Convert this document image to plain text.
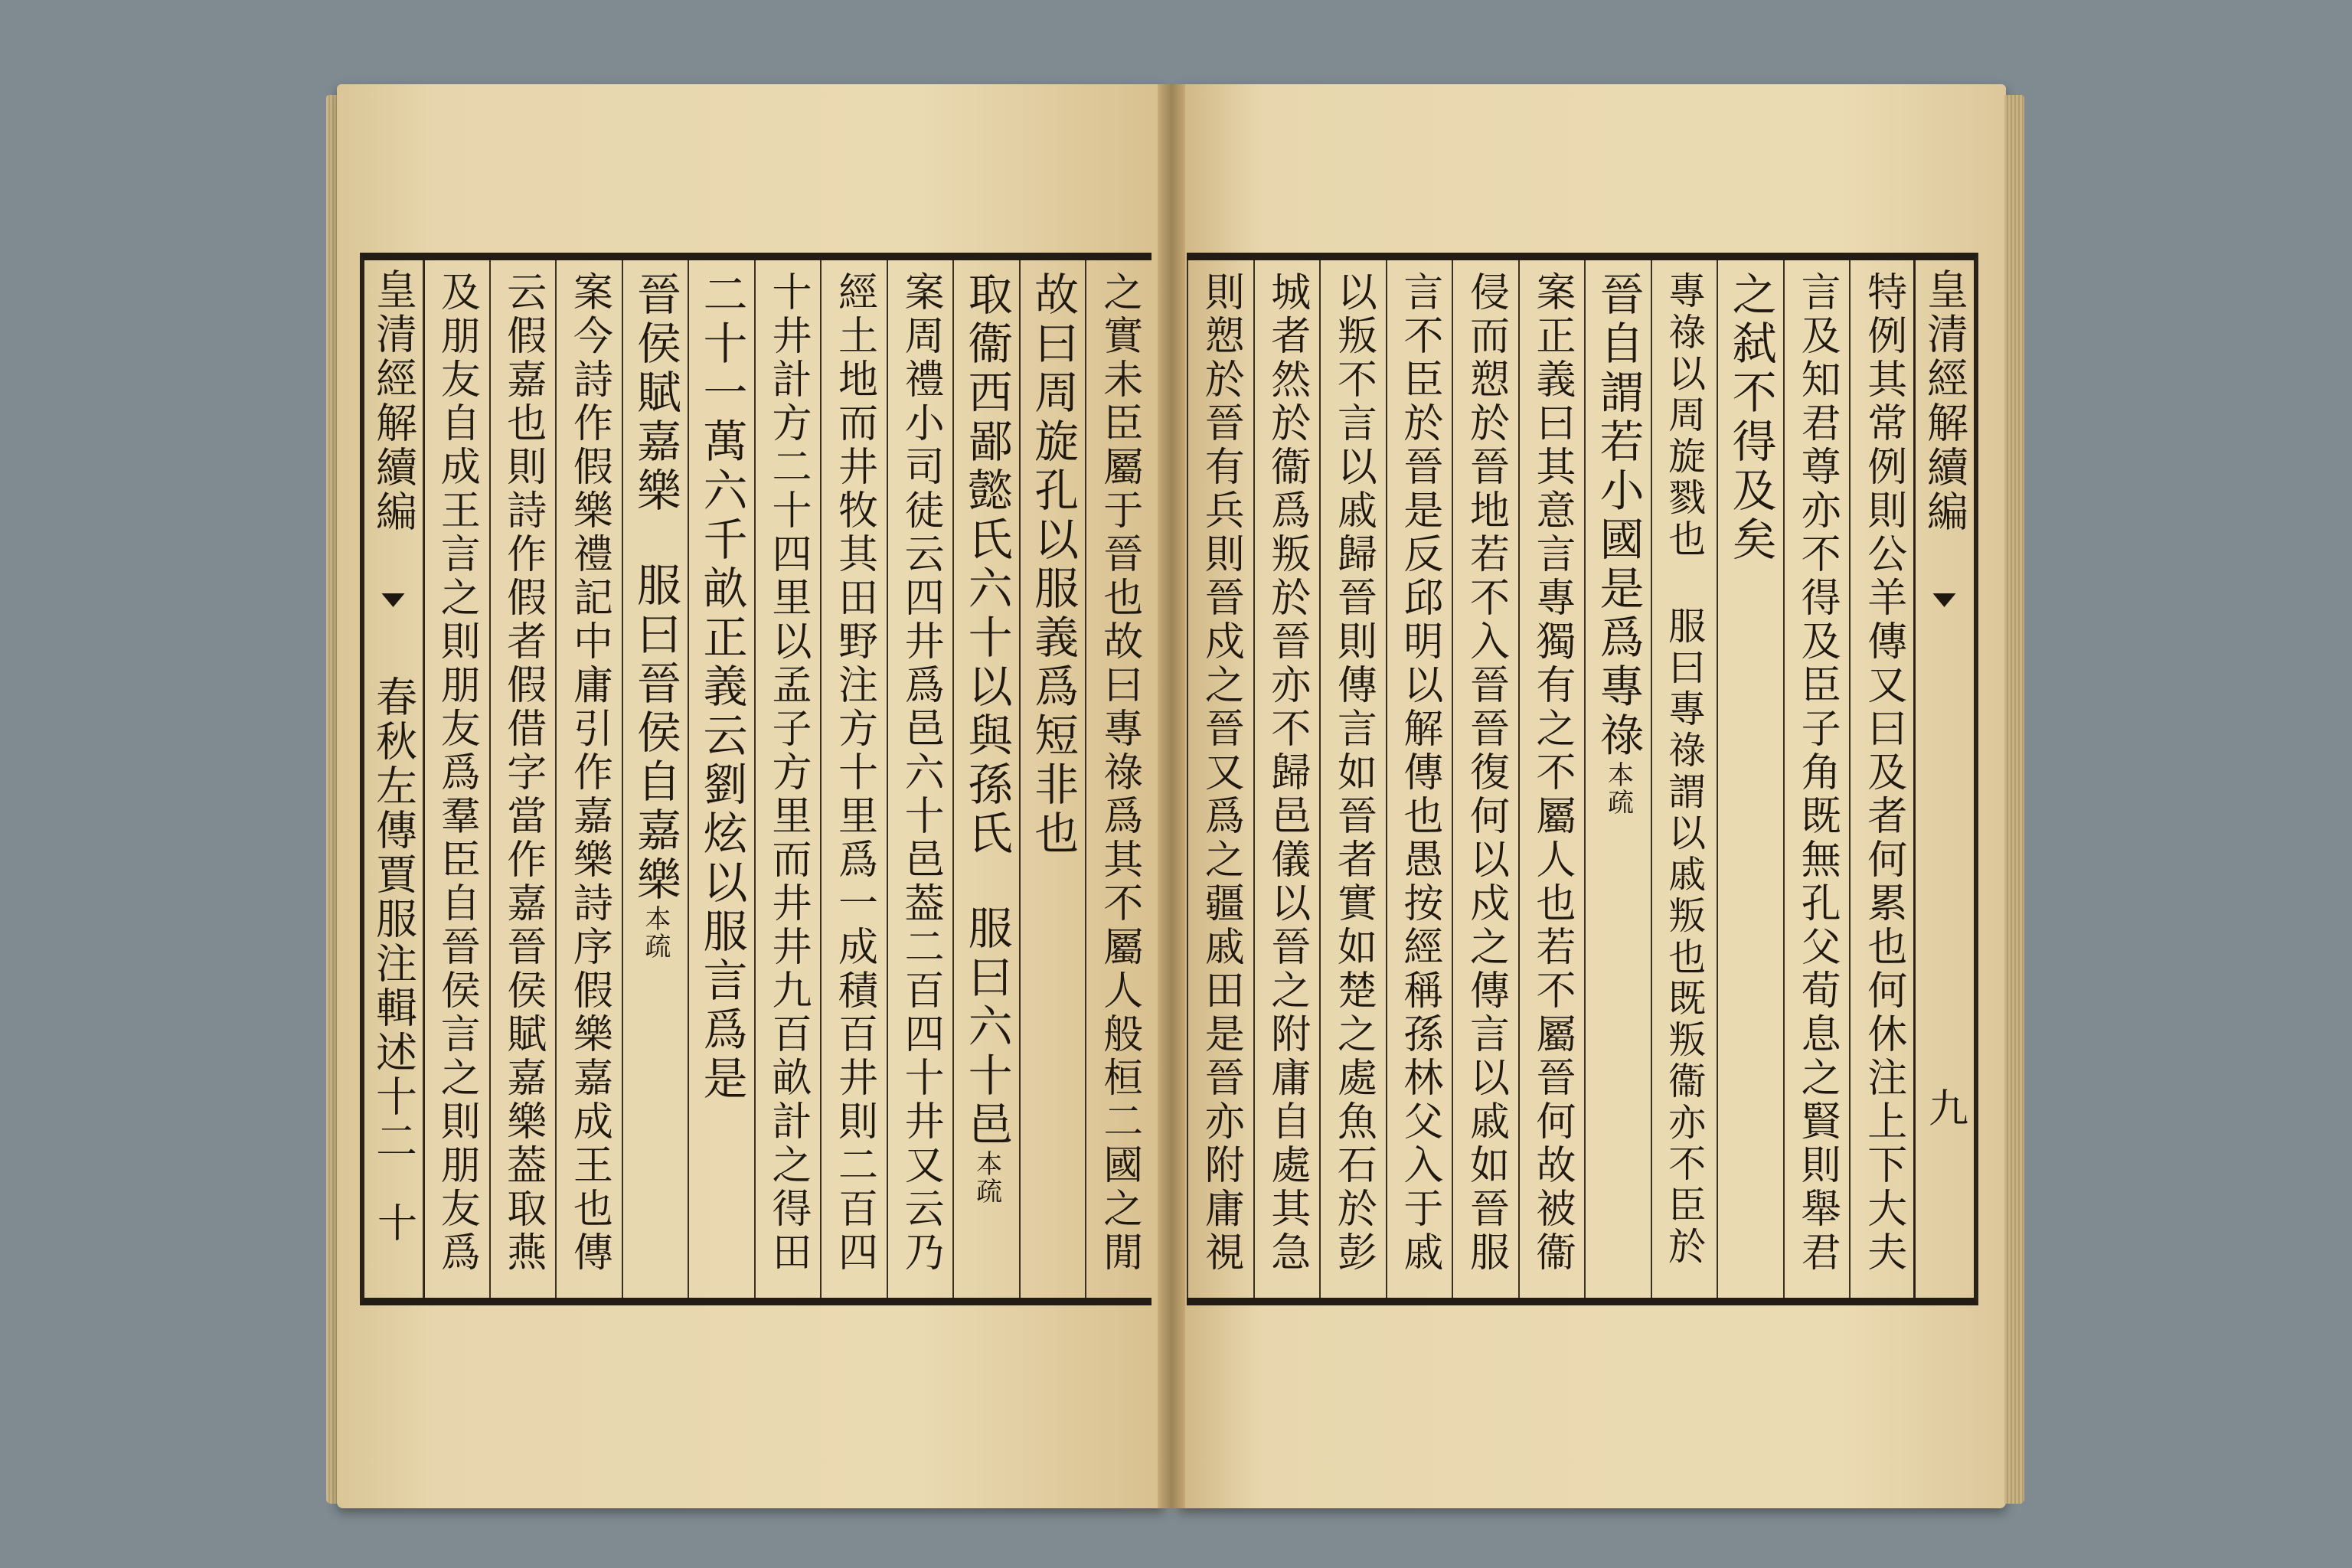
皇清經解續編  春秋左傳賈服注輯述十二
十	之實未臣屬于晉也故曰專祿爲其不屬人般桓二國之閒
故曰周旋孔以服義爲短非也
取衞西鄙懿氏六十以與孫氏服曰六十邑本疏
案周禮小司徒云四井爲邑六十邑葢二百四十井又云乃
經土地而井牧其田野注方十里爲一成積百井則二百四
十井計方二十四里以孟子方里而井井九百畝計之得田
二十一萬六千畝正義云劉炫以服言爲是
晉侯賦嘉樂服曰晉侯自嘉樂本疏
案今詩作假樂禮記中庸引作嘉樂詩序假樂嘉成王也傳
云假嘉也則詩作假者假借字當作嘉晉侯賦嘉樂葢取燕
及朋友自成王言之則朋友爲羣臣自晉侯言之則朋友爲	皇清經解續編
九
特例其常例則公羊傳又曰及者何累也何休注上下大夫
言及知君尊亦不得及臣子角既無孔父荀息之賢則舉君
之弑不得及矣
專祿以周旋戮也服曰專祿謂以戚叛也既叛衞亦不臣於
晉自謂若小國是爲專祿本疏
案正義曰其意言專獨有之不屬人也若不屬晉何故被衞
侵而愬於晉地若不入晉晉復何以戍之傳言以戚如晉服
言不臣於晉是反邱明以解傳也愚按經稱孫林父入于戚
以叛不言以戚歸晉則傳言如晉者實如楚之處魚石於彭
城者然於衞爲叛於晉亦不歸邑儀以晉之附庸自處其急
則愬於晉有兵則晉戍之晉又爲之疆戚田是晉亦附庸視
